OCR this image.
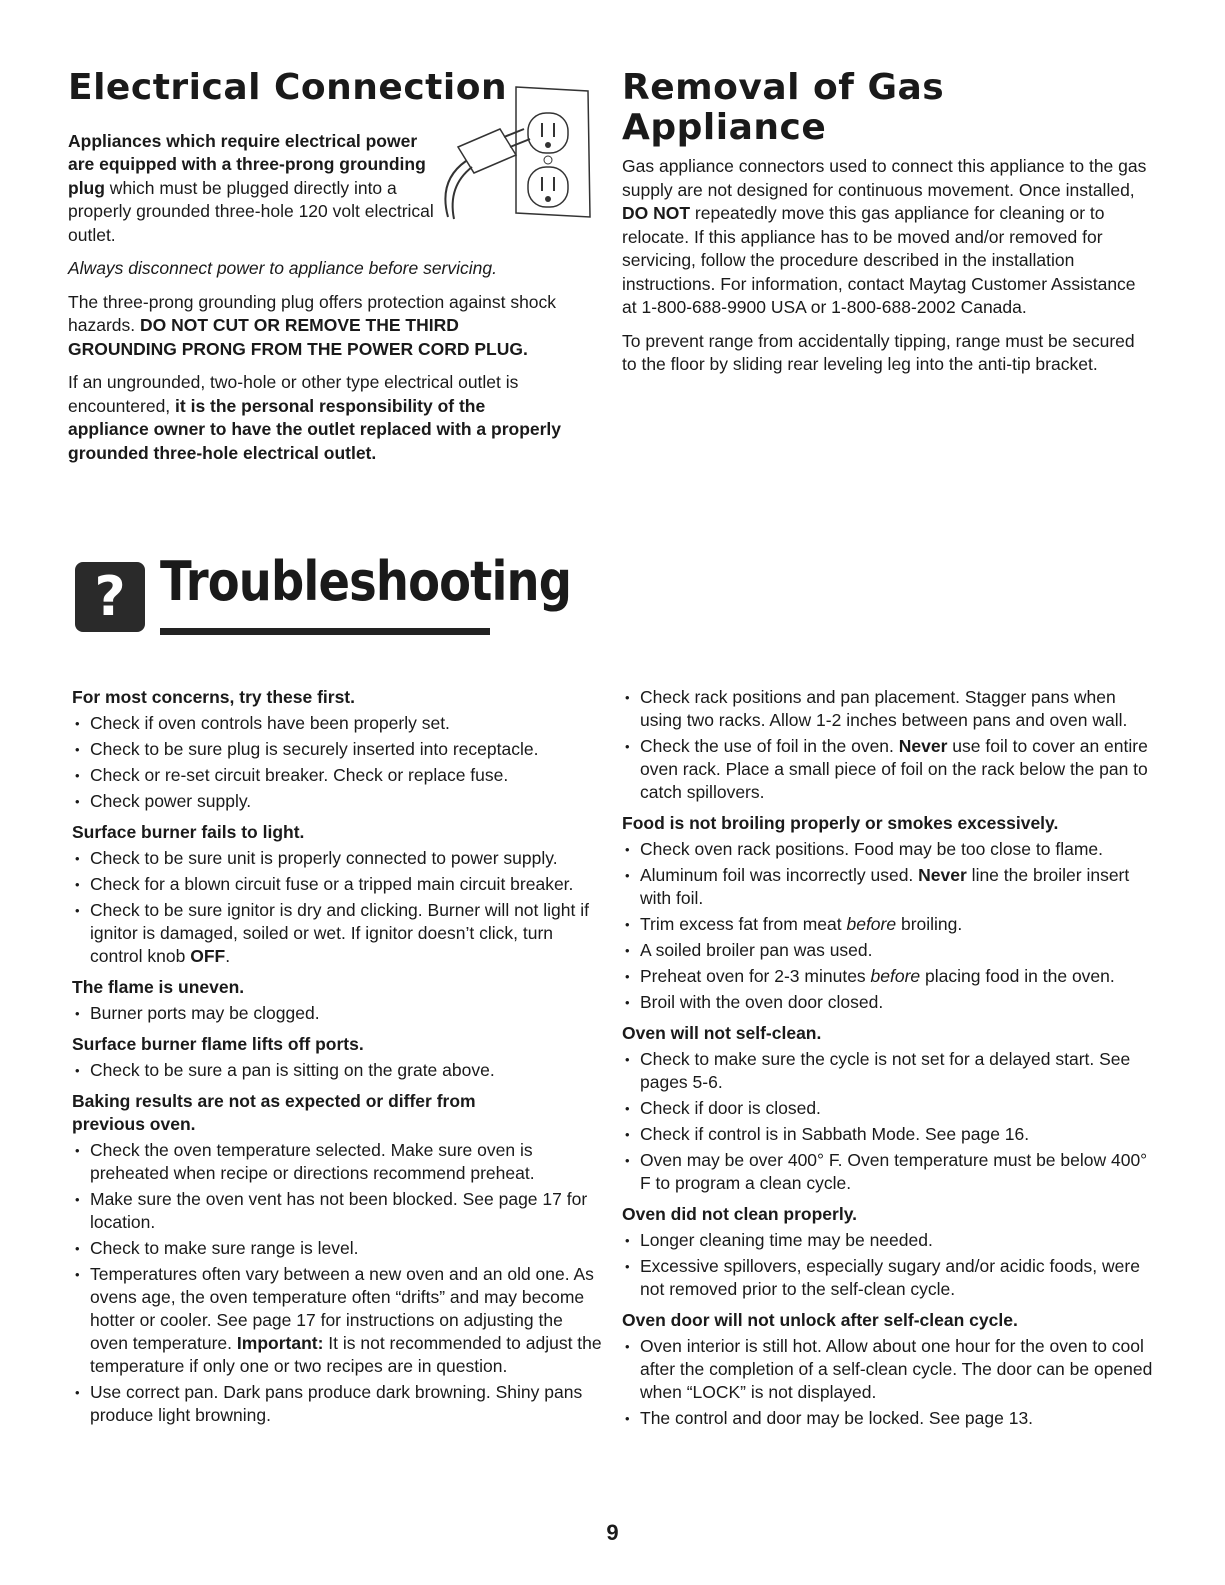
Electrical Connection

Appliances which require electrical power are equipped with a three-prong grounding plug which must be plugged directly into a properly grounded three-hole 120 volt electrical outlet.

Always disconnect power to appliance before servicing.

The three-prong grounding plug offers protection against shock hazards. DO NOT CUT OR REMOVE THE THIRD GROUNDING PRONG FROM THE POWER CORD PLUG.

If an ungrounded, two-hole or other type electrical outlet is encountered, it is the personal responsibility of the appliance owner to have the outlet replaced with a properly grounded three-hole electrical outlet.

Removal of Gas Appliance

Gas appliance connectors used to connect this appliance to the gas supply are not designed for continuous movement. Once installed, DO NOT repeatedly move this gas appliance for cleaning or to relocate. If this appliance has to be moved and/or removed for servicing, follow the procedure described in the installation instructions. For information, contact Maytag Customer Assistance at 1-800-688-9900 USA or 1-800-688-2002 Canada.

To prevent range from accidentally tipping, range must be secured to the floor by sliding rear leveling leg into the anti-tip bracket.

? Troubleshooting
For most concerns, try these first.
• Check if oven controls have been properly set.
• Check to be sure plug is securely inserted into receptacle.
• Check or re-set circuit breaker. Check or replace fuse.
• Check power supply.
Surface burner fails to light.
• Check to be sure unit is properly connected to power supply.
• Check for a blown circuit fuse or a tripped main circuit breaker.
• Check to be sure ignitor is dry and clicking. Burner will not light if ignitor is damaged, soiled or wet. If ignitor doesn’t click, turn control knob OFF.
The flame is uneven.
• Burner ports may be clogged.
Surface burner flame lifts off ports.
• Check to be sure a pan is sitting on the grate above.
Baking results are not as expected or differ from previous oven.
• Check the oven temperature selected. Make sure oven is preheated when recipe or directions recommend preheat.
• Make sure the oven vent has not been blocked. See page 17 for location.
• Check to make sure range is level.
• Temperatures often vary between a new oven and an old one. As ovens age, the oven temperature often “drifts” and may become hotter or cooler. See page 17 for instructions on adjusting the oven temperature. Important: It is not recommended to adjust the temperature if only one or two recipes are in question.
• Use correct pan. Dark pans produce dark browning. Shiny pans produce light browning.
• Check rack positions and pan placement. Stagger pans when using two racks. Allow 1-2 inches between pans and oven wall.
• Check the use of foil in the oven. Never use foil to cover an entire oven rack. Place a small piece of foil on the rack below the pan to catch spillovers.
Food is not broiling properly or smokes excessively.
• Check oven rack positions. Food may be too close to flame.
• Aluminum foil was incorrectly used. Never line the broiler insert with foil.
• Trim excess fat from meat before broiling.
• A soiled broiler pan was used.
• Preheat oven for 2-3 minutes before placing food in the oven.
• Broil with the oven door closed.
Oven will not self-clean.
• Check to make sure the cycle is not set for a delayed start. See pages 5-6.
• Check if door is closed.
• Check if control is in Sabbath Mode. See page 16.
• Oven may be over 400° F. Oven temperature must be below 400° F to program a clean cycle.
Oven did not clean properly.
• Longer cleaning time may be needed.
• Excessive spillovers, especially sugary and/or acidic foods, were not removed prior to the self-clean cycle.
Oven door will not unlock after self-clean cycle.
• Oven interior is still hot. Allow about one hour for the oven to cool after the completion of a self-clean cycle. The door can be opened when “LOCK” is not displayed.
• The control and door may be locked. See page 13.
9
